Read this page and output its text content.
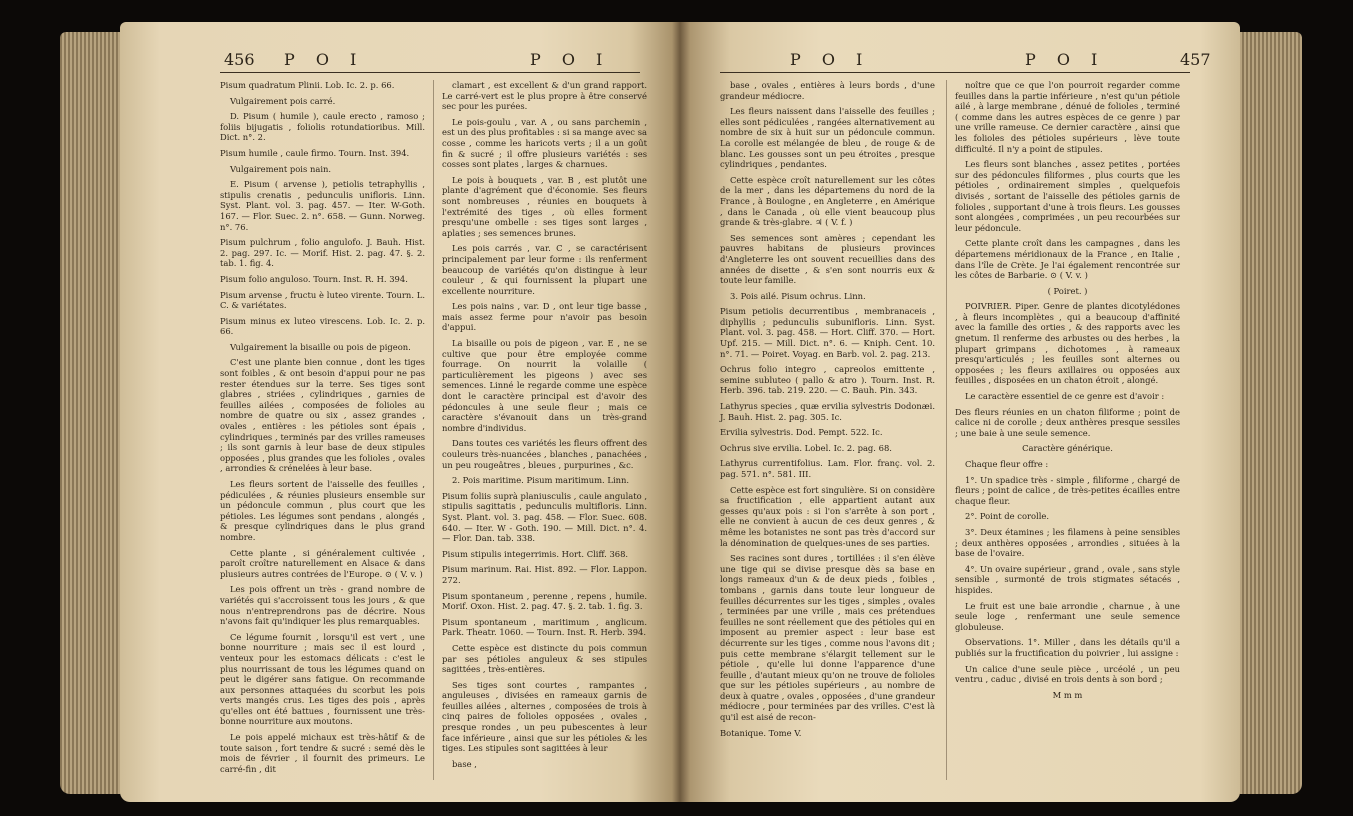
456 P O I	P O I

Pisum quadratum Plinii. Lob. Ic. 2. p. 66.

Vulgairement pois carré.

D. Pisum ( humile ), caule erecto , ramoso ; foliis bijugatis , foliolis rotundatioribus. Mill. Dict. n°. 2.

Pisum humile , caule firmo. Tourn. Inst. 394.

Vulgairement pois nain.

E. Pisum ( arvense ), petiolis tetraphyllis , stipulis crenatis , pedunculis unifloris. Linn. Syst. Plant. vol. 3. pag. 457. — Iter. W-Goth. 167. — Flor. Suec. 2. n°. 658. — Gunn. Norweg. n°. 76.

Pisum pulchrum , folio angulofo. J. Bauh. Hist. 2. pag. 297. Ic. — Morif. Hist. 2. pag. 47. §. 2. tab. 1. fig. 4.

Pisum folio anguloso. Tourn. Inst. R. H. 394.

Pisum arvense , fructu è luteo virente. Tourn. L. C. & variétates.

Pisum minus ex luteo virescens. Lob. Ic. 2. p. 66.

Vulgairement la bisaille ou pois de pigeon.

C'est une plante bien connue , dont les tiges sont foibles , & ont besoin d'appui pour ne pas rester étendues sur la terre. Ses tiges sont glabres , striées , cylindriques , garnies de feuilles ailées , composées de folioles au nombre de quatre ou six , assez grandes , ovales , entières : les pétioles sont épais , cylindriques , terminés par des vrilles rameuses ; ils sont garnis à leur base de deux stipules opposées , plus grandes que les folioles , ovales , arrondies & crénelées à leur base.

Les fleurs sortent de l'aisselle des feuilles , pédiculées , & réunies plusieurs ensemble sur un pédoncule commun , plus court que les pétioles. Les légumes sont pendans , alongés , & presque cylindriques dans le plus grand nombre.

Cette plante , si généralement cultivée , paroît croître naturellement en Alsace & dans plusieurs autres contrées de l'Europe. ⊙ ( V. v. )

Les pois offrent un très - grand nombre de variétés qui s'accroissent tous les jours , & que nous n'entreprendrons pas de décrire. Nous n'avons fait qu'indiquer les plus remarquables.

Ce légume fournit , lorsqu'il est vert , une bonne nourriture ; mais sec il est lourd , venteux pour les estomacs délicats : c'est le plus nourrissant de tous les légumes quand on peut le digérer sans fatigue. On recommande aux personnes attaquées du scorbut les pois verts mangés crus. Les tiges des pois , après qu'elles ont été battues , fournissent une très-bonne nourriture aux moutons.

Le pois appelé michaux est très-hâtif & de toute saison , fort tendre & sucré : semé dès le mois de février , il fournit des primeurs. Le carré-fin , dit

clamart , est excellent & d'un grand rapport. Le carré-vert est le plus propre à être conservé sec pour les purées.

Le pois-goulu , var. A , ou sans parchemin , est un des plus profitables : si sa mange avec sa cosse , comme les haricots verts ; il a un goût fin & sucré ; il offre plusieurs variétés : ses cosses sont plates , larges & charnues.

Le pois à bouquets , var. B , est plutôt une plante d'agrément que d'économie. Ses fleurs sont nombreuses , réunies en bouquets à l'extrémité des tiges , où elles forment presqu'une ombelle : ses tiges sont larges , aplaties ; ses semences brunes.

Les pois carrés , var. C , se caractérisent principalement par leur forme : ils renferment beaucoup de variétés qu'on distingue à leur couleur , & qui fournissent la plupart une excellente nourriture.

Les pois nains , var. D , ont leur tige basse , mais assez ferme pour n'avoir pas besoin d'appui.

La bisaille ou pois de pigeon , var. E , ne se cultive que pour être employée comme fourrage. On nourrit la volaille ( particulièrement les pigeons ) avec ses semences. Linné le regarde comme une espèce dont le caractère principal est d'avoir des pédoncules à une seule fleur ; mais ce caractère s'évanouit dans un très-grand nombre d'individus.

Dans toutes ces variétés les fleurs offrent des couleurs très-nuancées , blanches , panachées , un peu rougeâtres , bleues , purpurines , &c.

2. Pois maritime. Pisum maritimum. Linn.

Pisum foliis suprà planiusculis , caule angulato , stipulis sagittatis , pedunculis multifloris. Linn. Syst. Plant. vol. 3. pag. 458. — Flor. Suec. 608. 640. — Iter. W - Goth. 190. — Mill. Dict. n°. 4. — Flor. Dan. tab. 338.

Pisum stipulis integerrimis. Hort. Cliff. 368.

Pisum marinum. Rai. Hist. 892. — Flor. Lappon. 272.

Pisum spontaneum , perenne , repens , humile. Morif. Oxon. Hist. 2. pag. 47. §. 2. tab. 1. fig. 3.

Pisum spontaneum , maritimum , anglicum. Park. Theatr. 1060. — Tourn. Inst. R. Herb. 394.

Cette espèce est distincte du pois commun par ses pétioles anguleux & ses stipules sagittées , très-entières.

Ses tiges sont courtes , rampantes , anguleuses , divisées en rameaux garnis de feuilles ailées , alternes , composées de trois à cinq paires de folioles opposées , ovales , presque rondes , un peu pubescentes à leur face inférieure , ainsi que sur les pétioles & les tiges. Les stipules sont sagittées à leur

base ,

P O I	P O I	457

base , ovales , entières à leurs bords , d'une grandeur médiocre.

Les fleurs naissent dans l'aisselle des feuilles ; elles sont pédiculées , rangées alternativement au nombre de six à huit sur un pédoncule commun. La corolle est mélangée de bleu , de rouge & de blanc. Les gousses sont un peu étroites , presque cylindriques , pendantes.

Cette espèce croît naturellement sur les côtes de la mer , dans les départemens du nord de la France , à Boulogne , en Angleterre , en Amérique , dans le Canada , où elle vient beaucoup plus grande & très-glabre. ♃ ( V. f. )

Ses semences sont amères ; cependant les pauvres habitans de plusieurs provinces d'Angleterre les ont souvent recueillies dans des années de disette , & s'en sont nourris eux & toute leur famille.

3. Pois ailé. Pisum ochrus. Linn.

Pisum petiolis decurrentibus , membranaceis , diphyllis ; pedunculis subunifloris. Linn. Syst. Plant. vol. 3. pag. 458. — Hort. Cliff. 370. — Hort. Upf. 215. — Mill. Dict. n°. 6. — Kniph. Cent. 10. n°. 71. — Poiret. Voyag. en Barb. vol. 2. pag. 213.

Ochrus folio integro , capreolos emittente , semine subluteo ( pallo & atro ). Tourn. Inst. R. Herb. 396. tab. 219. 220. — C. Bauh. Pin. 343.

Lathyrus species , quæ ervilia sylvestris Dodonæi. J. Bauh. Hist. 2. pag. 305. Ic.

Ervilia sylvestris. Dod. Pempt. 522. Ic.

Ochrus sive ervilia. Lobel. Ic. 2. pag. 68.

Lathyrus currentifolius. Lam. Flor. franç. vol. 2. pag. 571. n°. 581. III.

Cette espèce est fort singulière. Si on considère sa fructification , elle appartient autant aux gesses qu'aux pois : si l'on s'arrête à son port , elle ne convient à aucun de ces deux genres , & même les botanistes ne sont pas très d'accord sur la dénomination de quelques-unes de ses parties.

Ses racines sont dures , tortillées : il s'en élève une tige qui se divise presque dès sa base en longs rameaux d'un & de deux pieds , foibles , tombans , garnis dans toute leur longueur de feuilles décurrentes sur les tiges , simples , ovales , terminées par une vrille , mais ces prétendues feuilles ne sont réellement que des pétioles qui en imposent au premier aspect : leur base est décurrente sur les tiges , comme nous l'avons dit ; puis cette membrane s'élargit tellement sur le pétiole , qu'elle lui donne l'apparence d'une feuille , d'autant mieux qu'on ne trouve de folioles que sur les pétioles supérieurs , au nombre de deux à quatre , ovales , opposées , d'une grandeur médiocre , pour terminées par des vrilles. C'est là qu'il est aisé de recon-

Botanique. Tome V.

noître que ce que l'on pourroit regarder comme feuilles dans la partie inférieure , n'est qu'un pétiole ailé , à large membrane , dénué de folioles , terminé ( comme dans les autres espèces de ce genre ) par une vrille rameuse. Ce dernier caractère , ainsi que les folioles des pétioles supérieurs , lève toute difficulté. Il n'y a point de stipules.

Les fleurs sont blanches , assez petites , portées sur des pédoncules filiformes , plus courts que les pétioles , ordinairement simples , quelquefois divisés , sortant de l'aisselle des pétioles garnis de folioles , supportant d'une à trois fleurs. Les gousses sont alongées , comprimées , un peu recourbées sur leur pédoncule.

Cette plante croît dans les campagnes , dans les départemens méridionaux de la France , en Italie , dans l'île de Crète. Je l'ai également rencontrée sur les côtes de Barbarie. ⊙ ( V. v. )

( Poiret. )

POIVRIER. Piper. Genre de plantes dicotylédones , à fleurs incomplètes , qui a beaucoup d'affinité avec la famille des orties , & des rapports avec les gnetum. Il renferme des arbustes ou des herbes , la plupart grimpans , dichotomes , à rameaux presqu'articulés ; les feuilles sont alternes ou opposées ; les fleurs axillaires ou opposées aux feuilles , disposées en un chaton étroit , alongé.

Le caractère essentiel de ce genre est d'avoir :

Des fleurs réunies en un chaton filiforme ; point de calice ni de corolle ; deux anthères presque sessiles ; une baie à une seule semence.

Caractère générique.

Chaque fleur offre :

1°. Un spadice très - simple , filiforme , chargé de fleurs ; point de calice , de très-petites écailles entre chaque fleur.

2°. Point de corolle.

3°. Deux étamines ; les filamens à peine sensibles ; deux anthères opposées , arrondies , situées à la base de l'ovaire.

4°. Un ovaire supérieur , grand , ovale , sans style sensible , surmonté de trois stigmates sétacés , hispides.

Le fruit est une baie arrondie , charnue , à une seule loge , renfermant une seule semence globuleuse.

Observations. 1°. Miller , dans les détails qu'il a publiés sur la fructification du poivrier , lui assigne :

Un calice d'une seule pièce , urcéolé , un peu ventru , caduc , divisé en trois dents à son bord ;

M m m
